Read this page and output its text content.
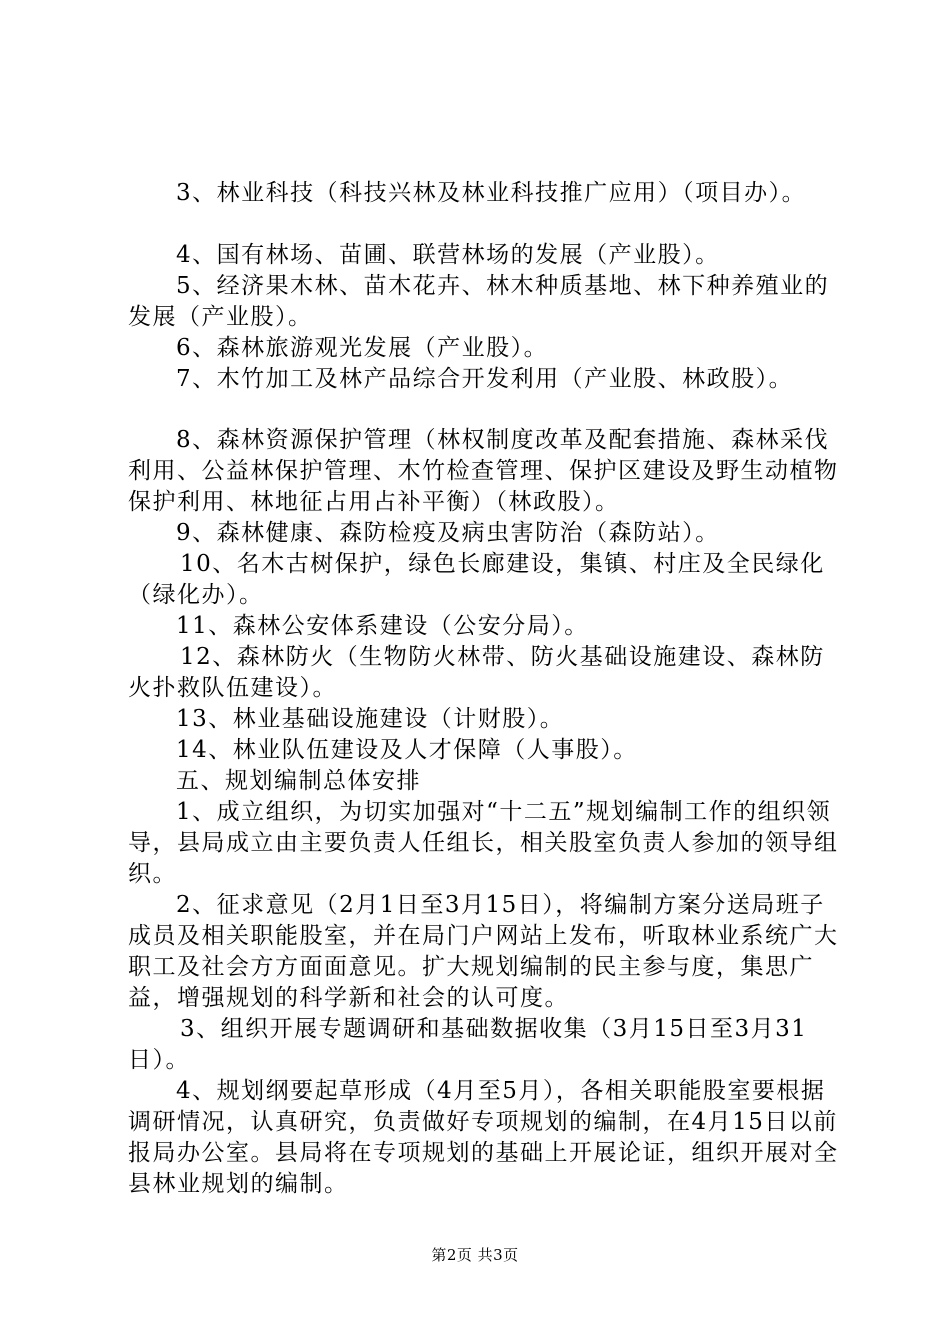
3、林业科技（科技兴林及林业科技推广应用）（项目办）。

4、国有林场、苗圃、联营林场的发展（产业股）。

5、经济果木林、苗木花卉、林木种质基地、林下种养殖业的发展（产业股）。

6、森林旅游观光发展（产业股）。

7、木竹加工及林产品综合开发利用（产业股、林政股）。

8、森林资源保护管理（林权制度改革及配套措施、森林采伐利用、公益林保护管理、木竹检查管理、保护区建设及野生动植物保护利用、林地征占用占补平衡）（林政股）。

9、森林健康、森防检疫及病虫害防治（森防站）。

10、名木古树保护，绿色长廊建设，集镇、村庄及全民绿化（绿化办）。

11、森林公安体系建设（公安分局）。

12、森林防火（生物防火林带、防火基础设施建设、森林防火扑救队伍建设）。

13、林业基础设施建设（计财股）。

14、林业队伍建设及人才保障（人事股）。

五、规划编制总体安排

1、成立组织，为切实加强对“十二五”规划编制工作的组织领导，县局成立由主要负责人任组长，相关股室负责人参加的领导组织。

2、征求意见（2月1日至3月15日），将编制方案分送局班子成员及相关职能股室，并在局门户网站上发布，听取林业系统广大职工及社会方方面面意见。扩大规划编制的民主参与度，集思广益，增强规划的科学新和社会的认可度。

3、组织开展专题调研和基础数据收集（3月15日至3月31日）。

4、规划纲要起草形成（4月至5月），各相关职能股室要根据调研情况，认真研究，负责做好专项规划的编制，在4月15日以前报局办公室。县局将在专项规划的基础上开展论证，组织开展对全县林业规划的编制。

第2页 共3页
